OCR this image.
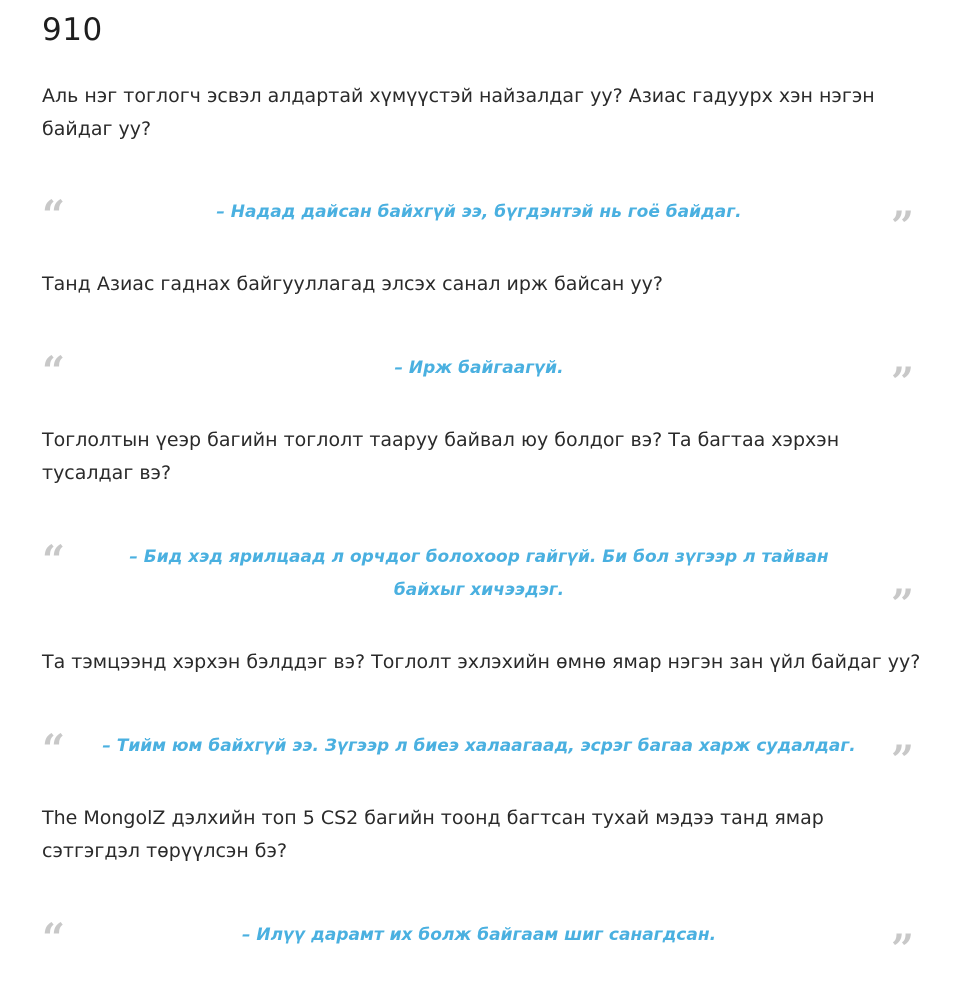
910
Аль нэг тоглогч эсвэл алдартай хүмүүстэй найзалдаг уу? Азиас гадуурх хэн нэгэн байдаг уу?
“	– Надад дайсан байхгүй ээ, бүгдэнтэй нь гоё байдаг.	”
Танд Азиас гаднах байгууллагад элсэх санал ирж байсан уу?
“	– Ирж байгаагүй.	”
Тоглолтын үеэр багийн тоглолт тааруу байвал юу болдог вэ? Та багтаа хэрхэн тусалдаг вэ?
“	– Бид хэд ярилцаад л орчдог болохоор гайгүй. Би бол зүгээр л тайван байхыг хичээдэг.	”
Та тэмцээнд хэрхэн бэлддэг вэ? Тоглолт эхлэхийн өмнө ямар нэгэн зан үйл байдаг уу?
“	– Тийм юм байхгүй ээ. Зүгээр л биеэ халаагаад, эсрэг багаа харж судалдаг. ”
The MongolZ дэлхийн топ 5 CS2 багийн тоонд багтсан тухай мэдээ танд ямар сэтгэгдэл төрүүлсэн бэ?
“	– Илүү дарамт их болж байгаам шиг санагдсан.	”
